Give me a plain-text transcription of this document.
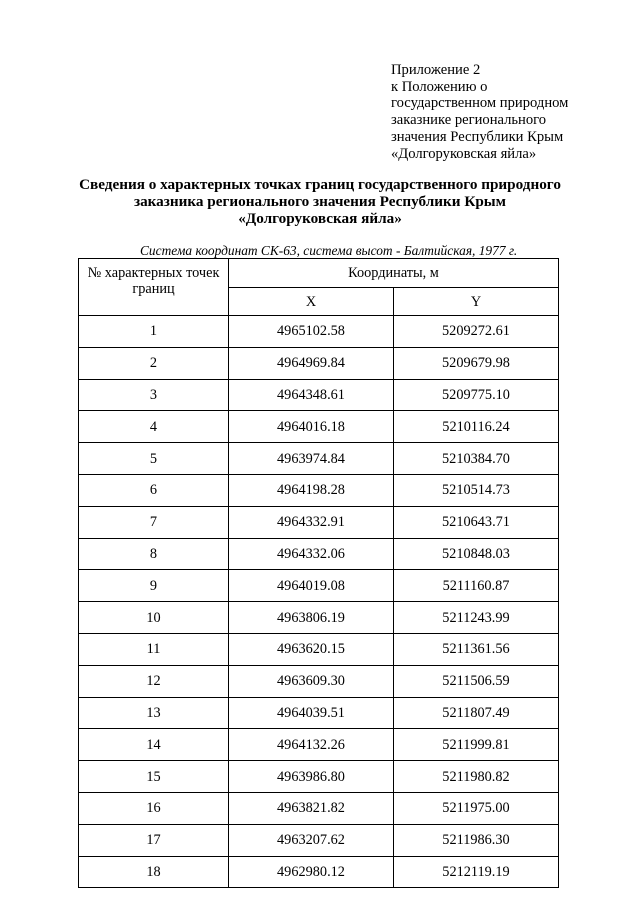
Приложение 2
к Положению о
государственном природном
заказнике регионального
значения Республики Крым
«Долгоруковская яйла»
Сведения о характерных точках границ государственного природного
заказника регионального значения Республики Крым
«Долгоруковская яйла»
Система координат СК-63, система высот - Балтийская, 1977 г.
№ характерных точек границ	Координаты, м	
	X	Y
1	4965102.58	5209272.61
2	4964969.84	5209679.98
3	4964348.61	5209775.10
4	4964016.18	5210116.24
5	4963974.84	5210384.70
6	4964198.28	5210514.73
7	4964332.91	5210643.71
8	4964332.06	5210848.03
9	4964019.08	5211160.87
10	4963806.19	5211243.99
11	4963620.15	5211361.56
12	4963609.30	5211506.59
13	4964039.51	5211807.49
14	4964132.26	5211999.81
15	4963986.80	5211980.82
16	4963821.82	5211975.00
17	4963207.62	5211986.30
18	4962980.12	5212119.19
